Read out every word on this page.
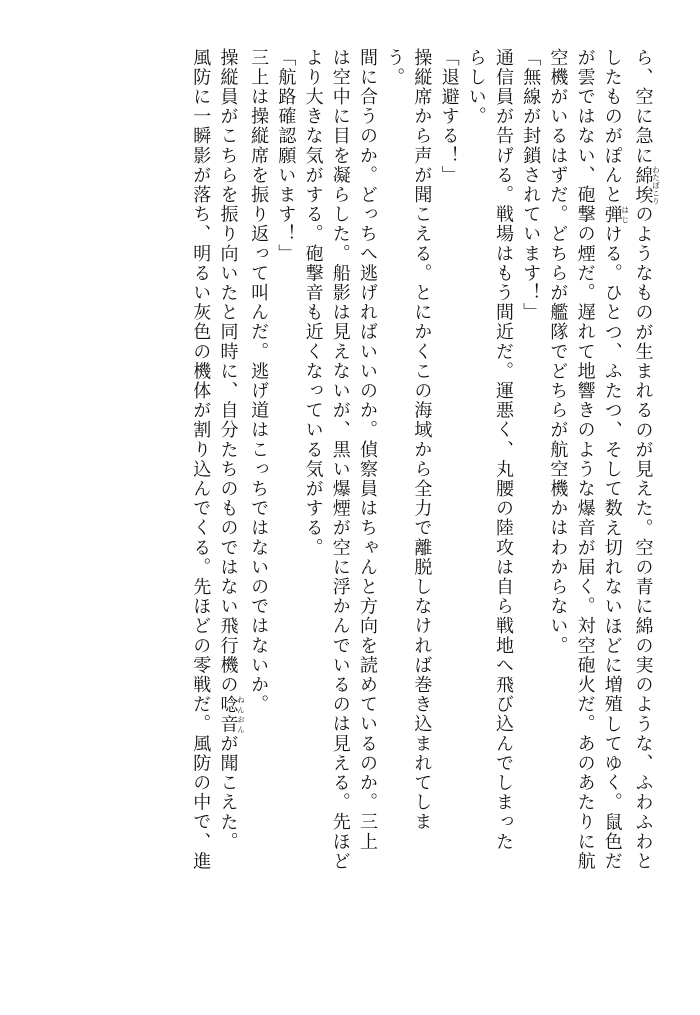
ら、空に急に綿埃わたぼこりのようなものが生まれるのが見えた。空の青に綿の実のような、ふわふわと
したものがぽんと弾はじける。ひとつ、ふたつ、そして数え切れないほどに増殖してゆく。鼠色だ
が雲ではない、砲撃の煙だ。遅れて地響きのような爆音が届く。対空砲火だ。あのあたりに航
空機がいるはずだ。どちらが艦隊でどちらが航空機かはわからない。
「無線が封鎖されています！」
通信員が告げる。戦場はもう間近だ。運悪く、丸腰の陸攻は自ら戦地へ飛び込んでしまった
らしい。
「退避する！」
操縦席から声が聞こえる。とにかくこの海域から全力で離脱しなければ巻き込まれてしま
う。
間に合うのか。どっちへ逃げればいいのか。偵察員はちゃんと方向を読めているのか。三上
は空中に目を凝らした。船影は見えないが、黒い爆煙が空に浮かんでいるのは見える。先ほど
より大きな気がする。砲撃音も近くなっている気がする。
「航路確認願います！」
三上は操縦席を振り返って叫んだ。逃げ道はこっちではないのではないか。
操縦員がこちらを振り向いたと同時に、自分たちのものではない飛行機の唸音ねんおんが聞こえた。
風防に一瞬影が落ち、明るい灰色の機体が割り込んでくる。先ほどの零戦だ。風防の中で、進
